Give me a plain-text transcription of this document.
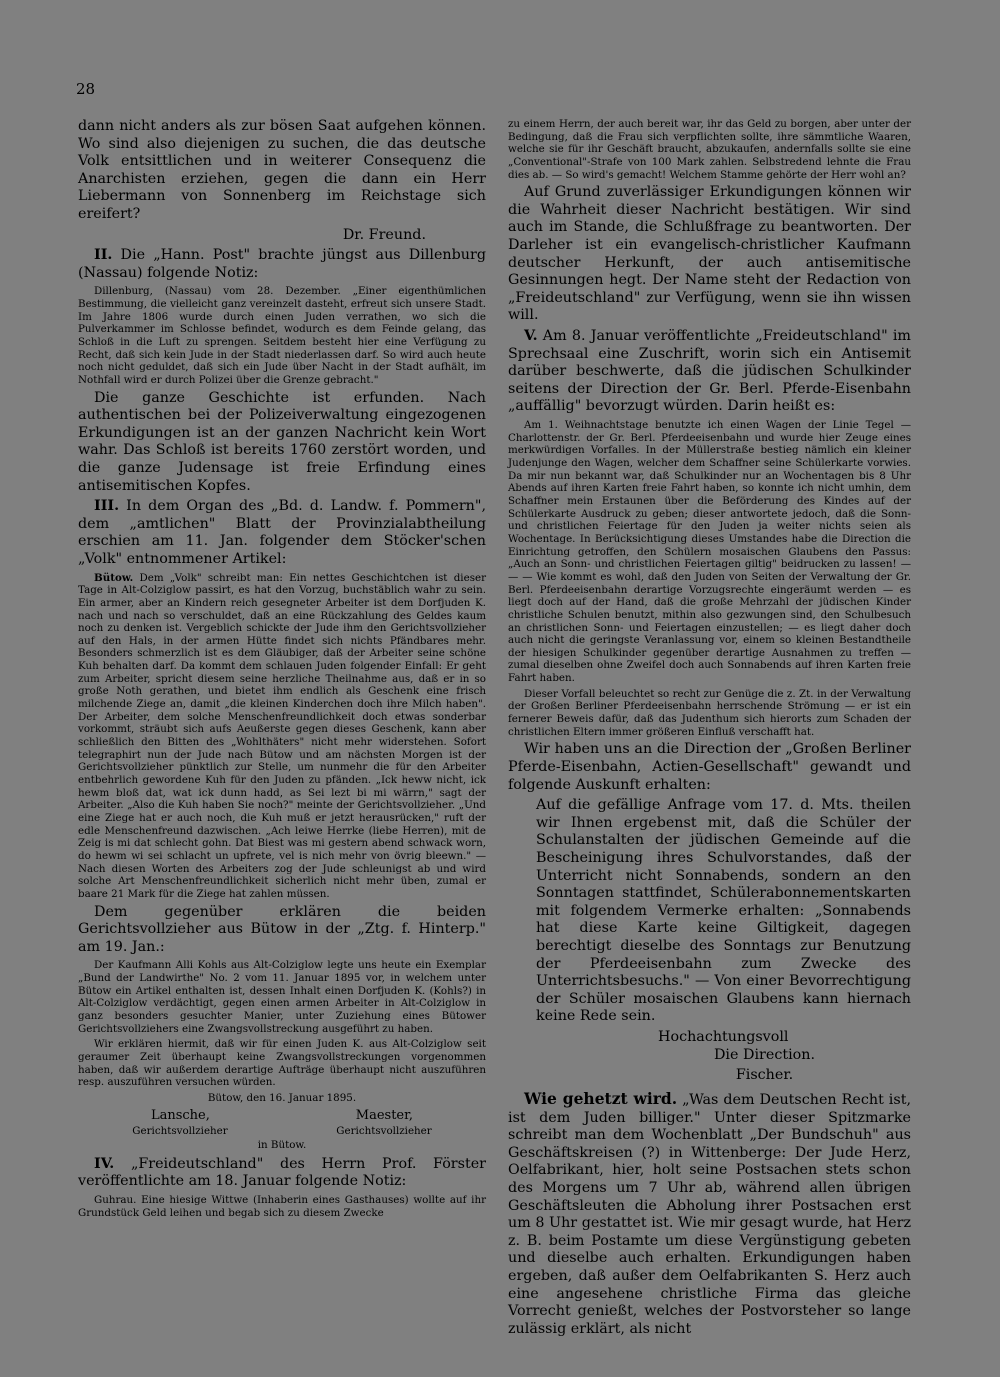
28

dann nicht anders als zur bösen Saat aufgehen können. Wo sind also diejenigen zu suchen, die das deutsche Volk entsittlichen und in weiterer Consequenz die Anarchisten erziehen, gegen die dann ein Herr Liebermann von Sonnenberg im Reichstage sich ereifert?

Dr. Freund.

II. Die „Hann. Post" brachte jüngst aus Dillenburg (Nassau) folgende Notiz:

Dillenburg, (Nassau) vom 28. Dezember. „Einer eigenthümlichen Bestimmung, die vielleicht ganz vereinzelt dasteht, erfreut sich unsere Stadt. Im Jahre 1806 wurde durch einen Juden verrathen, wo sich die Pulverkammer im Schlosse befindet, wodurch es dem Feinde gelang, das Schloß in die Luft zu sprengen. Seitdem besteht hier eine Verfügung zu Recht, daß sich kein Jude in der Stadt niederlassen darf. So wird auch heute noch nicht geduldet, daß sich ein Jude über Nacht in der Stadt aufhält, im Nothfall wird er durch Polizei über die Grenze gebracht."

Die ganze Geschichte ist erfunden. Nach authentischen bei der Polizeiverwaltung eingezogenen Erkundigungen ist an der ganzen Nachricht kein Wort wahr. Das Schloß ist bereits 1760 zerstört worden, und die ganze Judensage ist freie Erfindung eines antisemitischen Kopfes.

III. In dem Organ des „Bd. d. Landw. f. Pommern", dem „amtlichen" Blatt der Provinzialabtheilung erschien am 11. Jan. folgender dem Stöcker'schen „Volk" entnommener Artikel:

Bütow. Dem „Volk" schreibt man: Ein nettes Geschichtchen ist dieser Tage in Alt-Colziglow passirt, es hat den Vorzug, buchstäblich wahr zu sein. Ein armer, aber an Kindern reich gesegneter Arbeiter ist dem Dorfjuden K. nach und nach so verschuldet, daß an eine Rückzahlung des Geldes kaum noch zu denken ist. Vergeblich schickte der Jude ihm den Gerichtsvollzieher auf den Hals, in der armen Hütte findet sich nichts Pfändbares mehr. Besonders schmerzlich ist es dem Gläubiger, daß der Arbeiter seine schöne Kuh behalten darf. Da kommt dem schlauen Juden folgender Einfall: Er geht zum Arbeiter, spricht diesem seine herzliche Theilnahme aus, daß er in so große Noth gerathen, und bietet ihm endlich als Geschenk eine frisch milchende Ziege an, damit „die kleinen Kinderchen doch ihre Milch haben". Der Arbeiter, dem solche Menschenfreundlichkeit doch etwas sonderbar vorkommt, sträubt sich aufs Aeußerste gegen dieses Geschenk, kann aber schließlich den Bitten des „Wohlthäters" nicht mehr widerstehen. Sofort telegraphirt nun der Jude nach Bütow und am nächsten Morgen ist der Gerichtsvollzieher pünktlich zur Stelle, um nunmehr die für den Arbeiter entbehrlich gewordene Kuh für den Juden zu pfänden. „Ick heww nicht, ick hewm bloß dat, wat ick dunn hadd, as Sei lezt bi mi wärrn," sagt der Arbeiter. „Also die Kuh haben Sie noch?" meinte der Gerichtsvollzieher. „Und eine Ziege hat er auch noch, die Kuh muß er jetzt herausrücken," ruft der edle Menschenfreund dazwischen. „Ach leiwe Herrke (liebe Herren), mit de Zeig is mi dat schlecht gohn. Dat Biest was mi gestern abend schwack worn, do hewm wi sei schlacht un upfrete, vel is nich mehr von övrig bleewn." — Nach diesen Worten des Arbeiters zog der Jude schleunigst ab und wird solche Art Menschenfreundlichkeit sicherlich nicht mehr üben, zumal er baare 21 Mark für die Ziege hat zahlen müssen.

Dem gegenüber erklären die beiden Gerichtsvollzieher aus Bütow in der „Ztg. f. Hinterp." am 19. Jan.:

Der Kaufmann Alli Kohls aus Alt-Colziglow legte uns heute ein Exemplar „Bund der Landwirthe" No. 2 vom 11. Januar 1895 vor, in welchem unter Bütow ein Artikel enthalten ist, dessen Inhalt einen Dorfjuden K. (Kohls?) in Alt-Colziglow verdächtigt, gegen einen armen Arbeiter in Alt-Colziglow in ganz besonders gesuchter Manier, unter Zuziehung eines Bütower Gerichtsvollziehers eine Zwangsvollstreckung ausgeführt zu haben.

Wir erklären hiermit, daß wir für einen Juden K. aus Alt-Colziglow seit geraumer Zeit überhaupt keine Zwangsvollstreckungen vorgenommen haben, daß wir außerdem derartige Aufträge überhaupt nicht auszuführen resp. auszuführen versuchen würden.

Bütow, den 16. Januar 1895.

Lansche,	Maester,
Gerichtsvollzieher	Gerichtsvollzieher

in Bütow.

IV. „Freideutschland" des Herrn Prof. Förster veröffentlichte am 18. Januar folgende Notiz:

Guhrau. Eine hiesige Wittwe (Inhaberin eines Gasthauses) wollte auf ihr Grundstück Geld leihen und begab sich zu diesem Zwecke

zu einem Herrn, der auch bereit war, ihr das Geld zu borgen, aber unter der Bedingung, daß die Frau sich verpflichten sollte, ihre sämmtliche Waaren, welche sie für ihr Geschäft braucht, abzukaufen, andernfalls sollte sie eine „Conventional"-Strafe von 100 Mark zahlen. Selbstredend lehnte die Frau dies ab. — So wird's gemacht! Welchem Stamme gehörte der Herr wohl an?

Auf Grund zuverlässiger Erkundigungen können wir die Wahrheit dieser Nachricht bestätigen. Wir sind auch im Stande, die Schlußfrage zu beantworten. Der Darleher ist ein evangelisch-christlicher Kaufmann deutscher Herkunft, der auch antisemitische Gesinnungen hegt. Der Name steht der Redaction von „Freideutschland" zur Verfügung, wenn sie ihn wissen will.

V. Am 8. Januar veröffentlichte „Freideutschland" im Sprechsaal eine Zuschrift, worin sich ein Antisemit darüber beschwerte, daß die jüdischen Schulkinder seitens der Direction der Gr. Berl. Pferde-Eisenbahn „auffällig" bevorzugt würden. Darin heißt es:

Am 1. Weihnachtstage benutzte ich einen Wagen der Linie Tegel — Charlottenstr. der Gr. Berl. Pferdeeisenbahn und wurde hier Zeuge eines merkwürdigen Vorfalles. In der Müllerstraße bestieg nämlich ein kleiner Judenjunge den Wagen, welcher dem Schaffner seine Schülerkarte vorwies. Da mir nun bekannt war, daß Schulkinder nur an Wochentagen bis 8 Uhr Abends auf ihren Karten freie Fahrt haben, so konnte ich nicht umhin, dem Schaffner mein Erstaunen über die Beförderung des Kindes auf der Schülerkarte Ausdruck zu geben; dieser antwortete jedoch, daß die Sonn- und christlichen Feiertage für den Juden ja weiter nichts seien als Wochentage. In Berücksichtigung dieses Umstandes habe die Direction die Einrichtung getroffen, den Schülern mosaischen Glaubens den Passus: „Auch an Sonn- und christlichen Feiertagen giltig" beidrucken zu lassen! — — — Wie kommt es wohl, daß den Juden von Seiten der Verwaltung der Gr. Berl. Pferdeeisenbahn derartige Vorzugsrechte eingeräumt werden — es liegt doch auf der Hand, daß die große Mehrzahl der jüdischen Kinder christliche Schulen benutzt, mithin also gezwungen sind, den Schulbesuch an christlichen Sonn- und Feiertagen einzustellen; — es liegt daher doch auch nicht die geringste Veranlassung vor, einem so kleinen Bestandtheile der hiesigen Schulkinder gegenüber derartige Ausnahmen zu treffen — zumal dieselben ohne Zweifel doch auch Sonnabends auf ihren Karten freie Fahrt haben.

Dieser Vorfall beleuchtet so recht zur Genüge die z. Zt. in der Verwaltung der Großen Berliner Pferdeeisenbahn herrschende Strömung — er ist ein fernerer Beweis dafür, daß das Judenthum sich hierorts zum Schaden der christlichen Eltern immer größeren Einfluß verschafft hat.

Wir haben uns an die Direction der „Großen Berliner Pferde-Eisenbahn, Actien-Gesellschaft" gewandt und folgende Auskunft erhalten:

Auf die gefällige Anfrage vom 17. d. Mts. theilen wir Ihnen ergebenst mit, daß die Schüler der Schulanstalten der jüdischen Gemeinde auf die Bescheinigung ihres Schulvorstandes, daß der Unterricht nicht Sonnabends, sondern an den Sonntagen stattfindet, Schülerabonnementskarten mit folgendem Vermerke erhalten: „Sonnabends hat diese Karte keine Giltigkeit, dagegen berechtigt dieselbe des Sonntags zur Benutzung der Pferdeeisenbahn zum Zwecke des Unterrichtsbesuchs." — Von einer Bevorrechtigung der Schüler mosaischen Glaubens kann hiernach keine Rede sein.

Hochachtungsvoll

Die Direction.

Fischer.

Wie gehetzt wird. „Was dem Deutschen Recht ist, ist dem Juden billiger." Unter dieser Spitzmarke schreibt man dem Wochenblatt „Der Bundschuh" aus Geschäftskreisen (?) in Wittenberge: Der Jude Herz, Oelfabrikant, hier, holt seine Postsachen stets schon des Morgens um 7 Uhr ab, während allen übrigen Geschäftsleuten die Abholung ihrer Postsachen erst um 8 Uhr gestattet ist. Wie mir gesagt wurde, hat Herz z. B. beim Postamte um diese Vergünstigung gebeten und dieselbe auch erhalten. Erkundigungen haben ergeben, daß außer dem Oelfabrikanten S. Herz auch eine angesehene christliche Firma das gleiche Vorrecht genießt, welches der Postvorsteher so lange zulässig erklärt, als nicht
